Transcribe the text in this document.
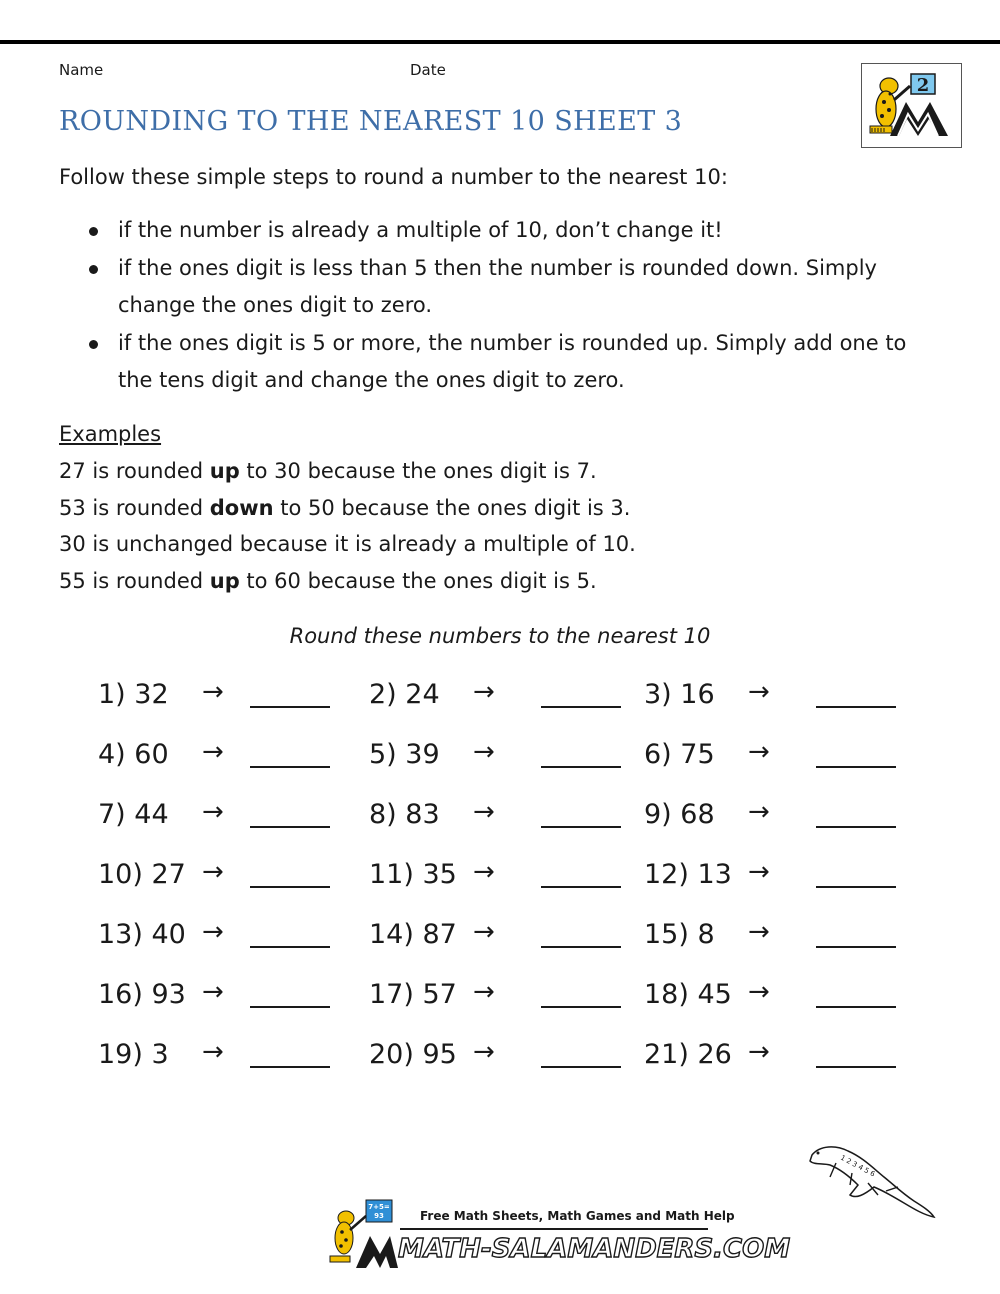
Name	Date
2
ROUNDING TO THE NEAREST 10 SHEET 3
Follow these simple steps to round a number to the nearest 10:
if the number is already a multiple of 10, don’t change it!
if the ones digit is less than 5 then the number is rounded down. Simply
change the ones digit to zero.
if the ones digit is 5 or more, the number is rounded up. Simply add one to
the tens digit and change the ones digit to zero.
Examples
27 is rounded up to 30 because the ones digit is 7.
53 is rounded down to 50 because the ones digit is 3.
30 is unchanged because it is already a multiple of 10.
55 is rounded up to 60 because the ones digit is 5.
Round these numbers to the nearest 10
1) 32 →	2) 24 →	3) 16 →
4) 60 →	5) 39 →	6) 75 →
7) 44 →	8) 83 →	9) 68 →
10) 27 →	11) 35 →	12) 13 →
13) 40 →	14) 87 →	15) 8 →
16) 93 →	17) 57 →	18) 45 →
19) 3 →	20) 95 →	21) 26 →
1 2 3 4 5 6
7+5=
93	Free Math Sheets, Math Games and Math Help
MATH-SALAMANDERS.COM
